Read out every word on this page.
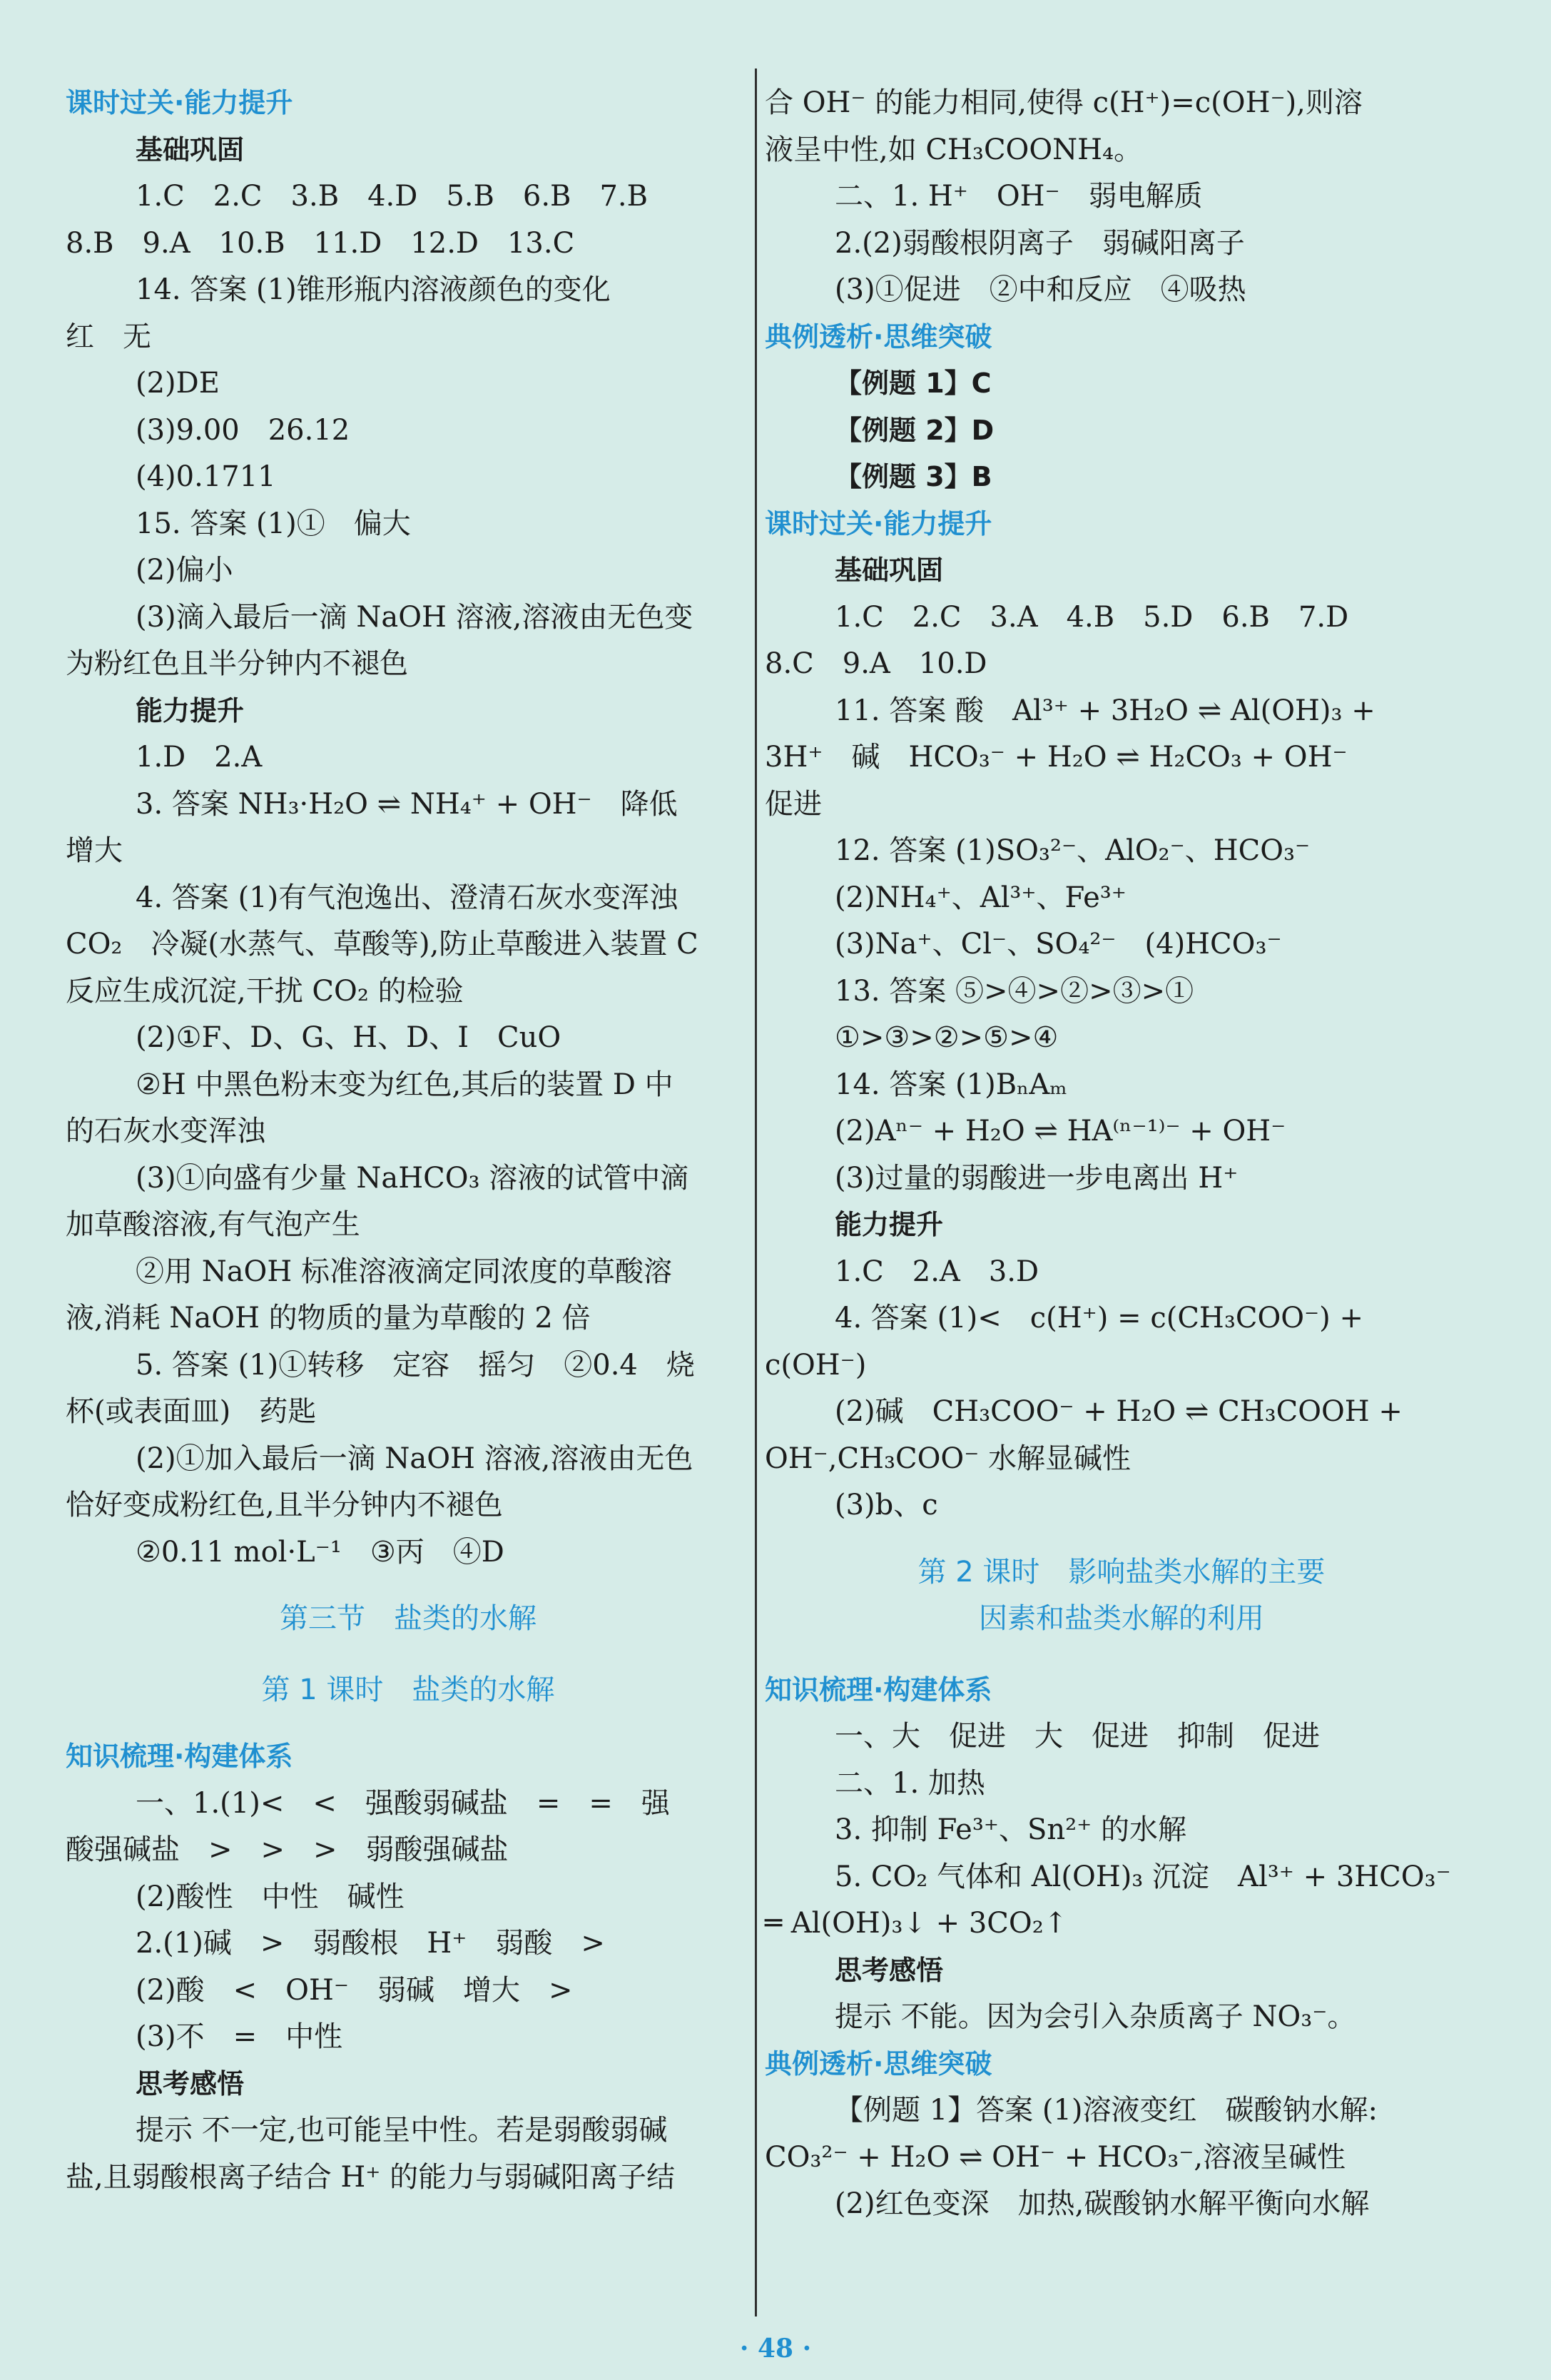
课时过关·能力提升
基础巩固
1.C　2.C　3.B　4.D　5.B　6.B　7.B
8.B　9.A　10.B　11.D　12.D　13.C
14. 答案 (1)锥形瓶内溶液颜色的变化
红　无
(2)DE
(3)9.00　26.12
(4)0.1711
15. 答案 (1)①　偏大
(2)偏小
(3)滴入最后一滴 NaOH 溶液,溶液由无色变
为粉红色且半分钟内不褪色
能力提升
1.D　2.A
3. 答案 NH₃·H₂O ⇌ NH₄⁺ + OH⁻　降低
增大
4. 答案 (1)有气泡逸出、澄清石灰水变浑浊
CO₂　冷凝(水蒸气、草酸等),防止草酸进入装置 C
反应生成沉淀,干扰 CO₂ 的检验
(2)①F、D、G、H、D、I　CuO
②H 中黑色粉末变为红色,其后的装置 D 中
的石灰水变浑浊
(3)①向盛有少量 NaHCO₃ 溶液的试管中滴
加草酸溶液,有气泡产生
②用 NaOH 标准溶液滴定同浓度的草酸溶
液,消耗 NaOH 的物质的量为草酸的 2 倍
5. 答案 (1)①转移　定容　摇匀　②0.4　烧
杯(或表面皿)　药匙
(2)①加入最后一滴 NaOH 溶液,溶液由无色
恰好变成粉红色,且半分钟内不褪色
②0.11 mol·L⁻¹　③丙　④D
第三节　盐类的水解
第 1 课时　盐类的水解
知识梳理·构建体系
一、1.(1)<　<　强酸弱碱盐　=　=　强
酸强碱盐　>　>　>　弱酸强碱盐
(2)酸性　中性　碱性
2.(1)碱　>　弱酸根　H⁺　弱酸　>
(2)酸　<　OH⁻　弱碱　增大　>
(3)不　=　中性
思考感悟
提示 不一定,也可能呈中性。若是弱酸弱碱
盐,且弱酸根离子结合 H⁺ 的能力与弱碱阳离子结
合 OH⁻ 的能力相同,使得 c(H⁺)=c(OH⁻),则溶
液呈中性,如 CH₃COONH₄。
二、1. H⁺　OH⁻　弱电解质
2.(2)弱酸根阴离子　弱碱阳离子
(3)①促进　②中和反应　④吸热
典例透析·思维突破
【例题 1】C
【例题 2】D
【例题 3】B
课时过关·能力提升
基础巩固
1.C　2.C　3.A　4.B　5.D　6.B　7.D
8.C　9.A　10.D
11. 答案 酸　Al³⁺ + 3H₂O ⇌ Al(OH)₃ +
3H⁺　碱　HCO₃⁻ + H₂O ⇌ H₂CO₃ + OH⁻
促进
12. 答案 (1)SO₃²⁻、AlO₂⁻、HCO₃⁻
(2)NH₄⁺、Al³⁺、Fe³⁺
(3)Na⁺、Cl⁻、SO₄²⁻　(4)HCO₃⁻
13. 答案 ⑤>④>②>③>①
①>③>②>⑤>④
14. 答案 (1)BₙAₘ
(2)Aⁿ⁻ + H₂O ⇌ HA⁽ⁿ⁻¹⁾⁻ + OH⁻
(3)过量的弱酸进一步电离出 H⁺
能力提升
1.C　2.A　3.D
4. 答案 (1)<　c(H⁺) = c(CH₃COO⁻) +
c(OH⁻)
(2)碱　CH₃COO⁻ + H₂O ⇌ CH₃COOH +
OH⁻,CH₃COO⁻ 水解显碱性
(3)b、c
第 2 课时　影响盐类水解的主要
因素和盐类水解的利用
知识梳理·构建体系
一、大　促进　大　促进　抑制　促进
二、1. 加热
3. 抑制 Fe³⁺、Sn²⁺ 的水解
5. CO₂ 气体和 Al(OH)₃ 沉淀　Al³⁺ + 3HCO₃⁻
═ Al(OH)₃↓ + 3CO₂↑
思考感悟
提示 不能。因为会引入杂质离子 NO₃⁻。
典例透析·思维突破
【例题 1】答案 (1)溶液变红　碳酸钠水解:
CO₃²⁻ + H₂O ⇌ OH⁻ + HCO₃⁻,溶液呈碱性
(2)红色变深　加热,碳酸钠水解平衡向水解
· 48 ·
